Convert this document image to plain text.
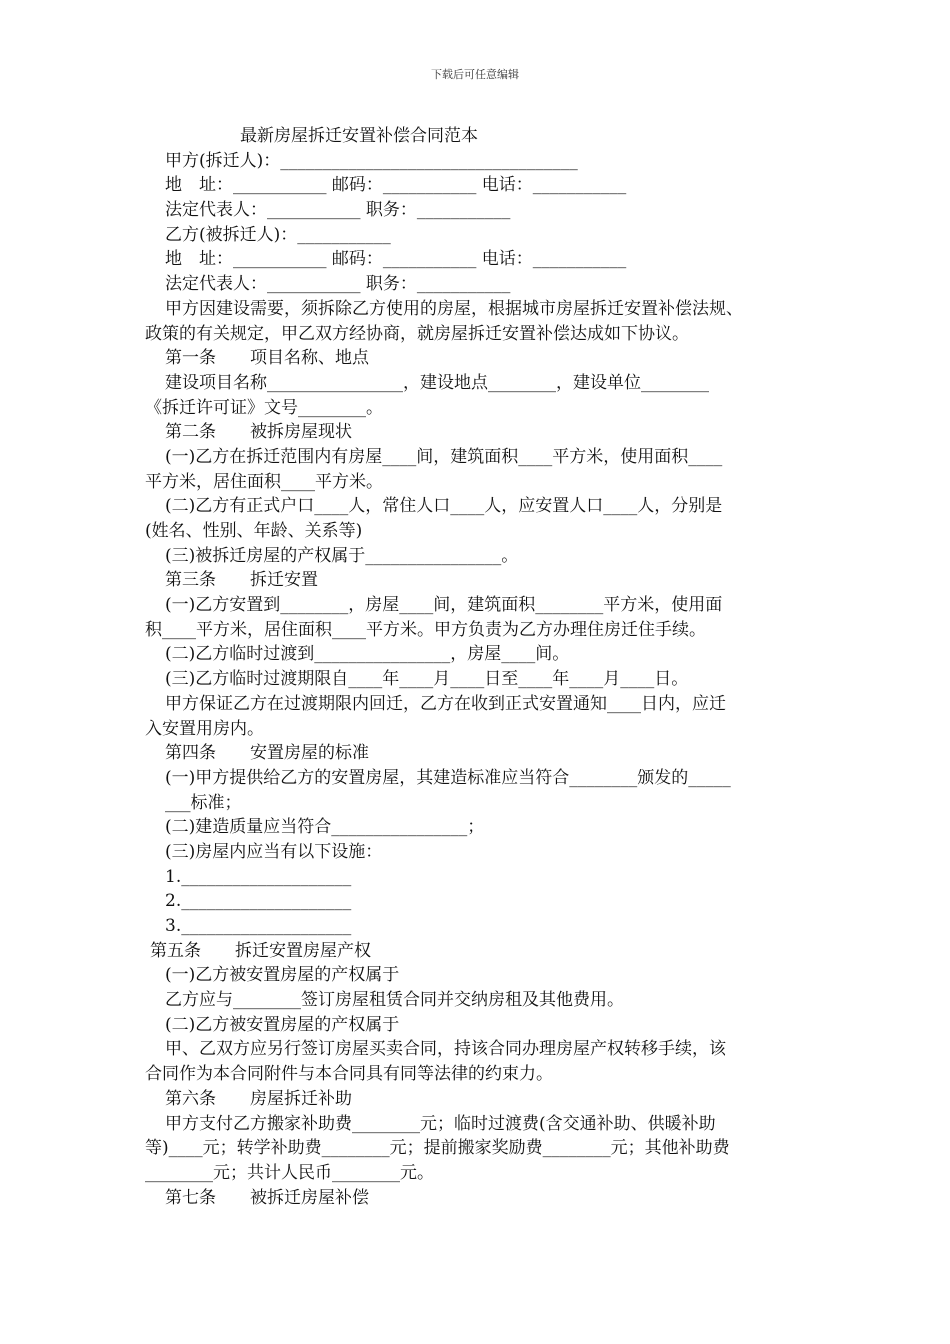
下载后可任意编辑
最新房屋拆迁安置补偿合同范本
甲方(拆迁人)：___________________________________
地　址：___________ 邮码：___________ 电话：___________
法定代表人：___________ 职务：___________
乙方(被拆迁人)：___________
地　址：___________ 邮码：___________ 电话：___________
法定代表人：___________ 职务：___________
甲方因建设需要，须拆除乙方使用的房屋，根据城市房屋拆迁安置补偿法规、
政策的有关规定，甲乙双方经协商，就房屋拆迁安置补偿达成如下协议。
第一条　　项目名称、地点
建设项目名称________________，建设地点________，建设单位________
《拆迁许可证》文号________。
第二条　　被拆房屋现状
(一)乙方在拆迁范围内有房屋____间，建筑面积____平方米，使用面积____
平方米，居住面积____平方米。
(二)乙方有正式户口____人，常住人口____人，应安置人口____人，分别是
(姓名、性别、年龄、关系等)
(三)被拆迁房屋的产权属于________________。
第三条　　拆迁安置
(一)乙方安置到________，房屋____间，建筑面积________平方米，使用面
积____平方米，居住面积____平方米。甲方负责为乙方办理住房迁住手续。
(二)乙方临时过渡到________________，房屋____间。
(三)乙方临时过渡期限自____年____月____日至____年____月____日。
甲方保证乙方在过渡期限内回迁，乙方在收到正式安置通知____日内，应迁
入安置用房内。
第四条　　安置房屋的标准
(一)甲方提供给乙方的安置房屋，其建造标准应当符合________颁发的_____
___标准；
(二)建造质量应当符合________________；
(三)房屋内应当有以下设施：
1.____________________
2.____________________
3.____________________
第五条　　拆迁安置房屋产权
(一)乙方被安置房屋的产权属于
乙方应与________签订房屋租赁合同并交纳房租及其他费用。
(二)乙方被安置房屋的产权属于
甲、乙双方应另行签订房屋买卖合同，持该合同办理房屋产权转移手续，该
合同作为本合同附件与本合同具有同等法律的约束力。
第六条　　房屋拆迁补助
甲方支付乙方搬家补助费________元；临时过渡费(含交通补助、供暖补助
等)____元；转学补助费________元；提前搬家奖励费________元；其他补助费
________元；共计人民币________元。
第七条　　被拆迁房屋补偿
